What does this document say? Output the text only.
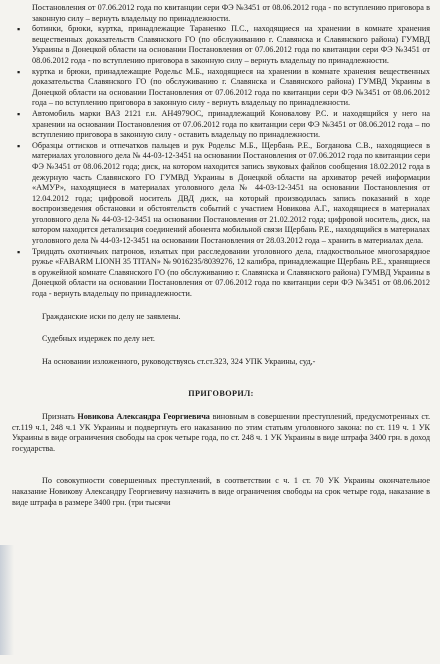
Постановления от 07.06.2012 года по квитанции сери ФЭ №3451 от 08.06.2012 года - по вступлению приговора в законную силу – вернуть владельцу по принадлежности.
▪ ботинки, брюки, куртка, принадлежащие Тараненко П.С., находящиеся на хранении в комнате хранения вещественных доказательств Славянского ГО (по обслуживанию г. Славянска и Славянского района) ГУМВД Украины в Донецкой области на основании Постановления от 07.06.2012 года по квитанции сери ФЭ №3451 от 08.06.2012 года - по вступлению приговора в законную силу – вернуть владельцу по принадлежности.
▪ куртка и брюки, принадлежащие Родельс М.Б., находящиеся на хранении в комнате хранения вещественных доказательства Славянского ГО (по обслуживанию г. Славянска и Славянского района) ГУМВД Украины в Донецкой области на основании Постановления от 07.06.2012 года по квитанции сери ФЭ №3451 от 08.06.2012 года – по вступлению приговора в законную силу - вернуть владельцу по принадлежности.
▪ Автомобиль марки ВАЗ 2121 г.н. АН4979ОС, принадлежащий Коновалову Р.С. и находящийся у него на хранении на основании Постановления от 07.06.2012 года по квитанции сери ФЭ №3451 от 08.06.2012 года – по вступлению приговора в законную силу - оставить владельцу по принадлежности.
▪ Образцы оттисков и отпечатков пальцев и рук Родельс М.Б., Щербань Р.Е., Богданова С.В., находящиеся в материалах уголовного дела № 44-03-12-3451 на основании Постановления от 07.06.2012 года по квитанции сери ФЭ №3451 от 08.06.2012 года; диск, на котором находится запись звуковых файлов сообщения 18.02.2012 года в дежурную часть Славянского ГО ГУМВД Украины в Донецкой области на архиватор речей информации «АМУР», находящиеся в материалах уголовного дела № 44-03-12-3451 на основании Постановления от 12.04.2012 года; цифровой носитель ДВД диск, на который производилась запись показаний в ходе воспроизведения обстановки и обстоятельств событий с участием Новикова А.Г., находящиеся в материалах уголовного дела № 44-03-12-3451 на основании Постановления от 21.02.2012 года; цифровой носитель, диск, на котором находится детализация соединений абонента мобильной связи Щербань Р.Е., находящийся в материалах уголовного дела № 44-03-12-3451 на основании Постановления от 28.03.2012 года – хранить в материалах дела.
▪ Тридцать охотничьих патронов, изъятых при расследовании уголовного дела, гладкоствольное многозарядное ружье «FABARM LIONH 35 TITAN» № 9016235/8039276, 12 калибра, принадлежащие Щербань Р.Е., хранящиеся в оружейной комнате Славянского ГО (по обслуживанию г. Славянска и Славянского района) ГУМВД Украины в Донецкой области на основании Постановления от 07.06.2012 года по квитанции сери ФЭ №3451 от 08.06.2012 года - вернуть владельцу по принадлежности.

Гражданские иски по делу не заявлены.

Судебных издержек по делу нет.

На основании изложенного, руководствуясь ст.ст.323, 324 УПК Украины, суд,-

ПРИГОВОРИЛ:

Признать Новикова Александра Георгиевича виновным в совершении преступлений, предусмотренных ст. ст.119 ч.1, 248 ч.1 УК Украины и подвергнуть его наказанию по этим статьям уголовного закона: по ст. 119 ч. 1 УК Украины в виде ограничения свободы на срок четыре года, по ст. 248 ч. 1 УК Украины в виде штрафа 3400 грн. в доход государства.

По совокупности совершенных преступлений, в соответствии с ч. 1 ст. 70 УК Украины окончательное наказание Новикову Александру Георгиевичу назначить в виде ограничения свободы на срок четыре года, наказание в виде штрафа в размере 3400 грн. (три тысячи
